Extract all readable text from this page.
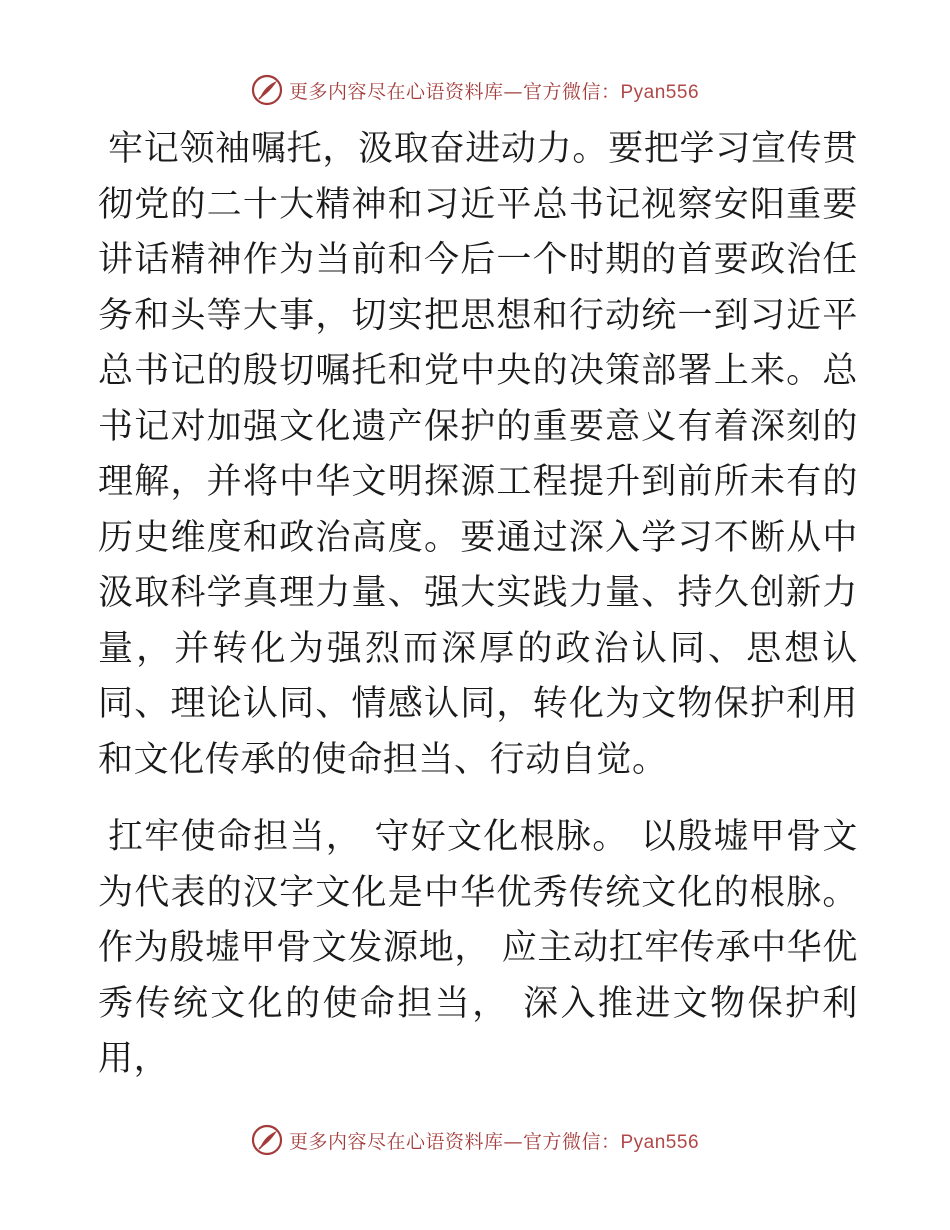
更多内容尽在心语资料库—官方微信：Pyan556

牢记领袖嘱托，汲取奋进动力。要把学习宣传贯彻党的二十大精神和习近平总书记视察安阳重要讲话精神作为当前和今后一个时期的首要政治任务和头等大事，切实把思想和行动统一到习近平总书记的殷切嘱托和党中央的决策部署上来。总书记对加强文化遗产保护的重要意义有着深刻的理解，并将中华文明探源工程提升到前所未有的历史维度和政治高度。要通过深入学习不断从中汲取科学真理力量、强大实践力量、持久创新力量，并转化为强烈而深厚的政治认同、思想认同、理论认同、情感认同，转化为文物保护利用和文化传承的使命担当、行动自觉。

扛牢使命担当， 守好文化根脉。 以殷墟甲骨文为代表的汉字文化是中华优秀传统文化的根脉。作为殷墟甲骨文发源地， 应主动扛牢传承中华优秀传统文化的使命担当， 深入推进文物保护利用，

更多内容尽在心语资料库—官方微信：Pyan556
